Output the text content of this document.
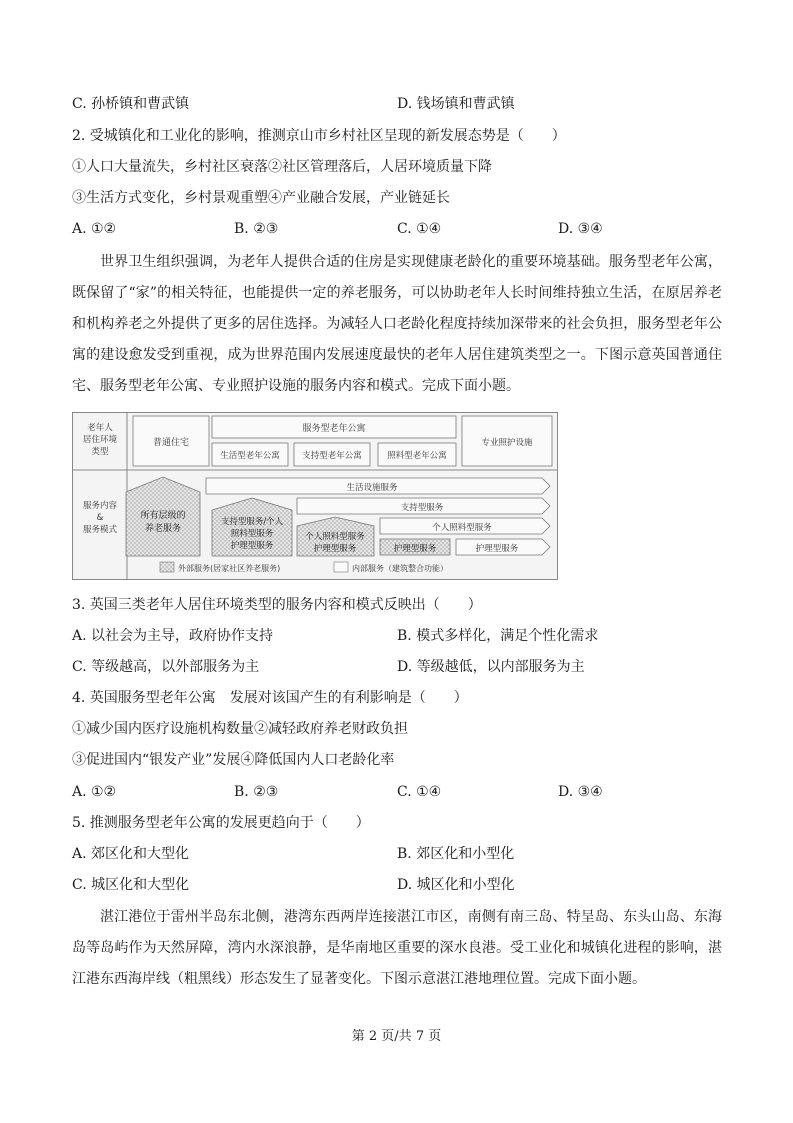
C. 孙桥镇和曹武镇	D. 钱场镇和曹武镇
2. 受城镇化和工业化的影响，推测京山市乡村社区呈现的新发展态势是（　　）
①人口大量流失，乡村社区衰落②社区管理落后，人居环境质量下降
③生活方式变化，乡村景观重塑④产业融合发展，产业链延长
A. ①②	B. ②③	C. ①④	D. ③④
世界卫生组织强调，为老年人提供合适的住房是实现健康老龄化的重要环境基础。服务型老年公寓，既保留了“家”的相关特征，也能提供一定的养老服务，可以协助老年人长时间维持独立生活，在原居养老和机构养老之外提供了更多的居住选择。为减轻人口老龄化程度持续加深带来的社会负担，服务型老年公寓的建设愈发受到重视，成为世界范围内发展速度最快的老年人居住建筑类型之一。下图示意英国普通住宅、服务型老年公寓、专业照护设施的服务内容和模式。完成下面小题。
老年人
居住环境
类型
普通住宅
服务型老年公寓
生活型老年公寓	支持型老年公寓	照料型老年公寓
专业照护设施
服务内容
&
服务模式
所有层级的
养老服务
支持型服务/个人
照料型服务
护理型服务
个人照料型服务
护理型服务
生活设施服务
支持型服务
个人照料型服务
护理型服务	护理型服务
外部服务(居家社区养老服务)	内部服务（建筑整合功能）
3. 英国三类老年人居住环境类型的服务内容和模式反映出（　　）
A. 以社会为主导，政府协作支持	B. 模式多样化，满足个性化需求
C. 等级越高，以外部服务为主	D. 等级越低，以内部服务为主
4. 英国服务型老年公寓　发展对该国产生的有利影响是（　　）
①减少国内医疗设施机构数量②减轻政府养老财政负担
③促进国内“银发产业”发展④降低国内人口老龄化率
A. ①②	B. ②③	C. ①④	D. ③④
5. 推测服务型老年公寓的发展更趋向于（　　）
A. 郊区化和大型化	B. 郊区化和小型化
C. 城区化和大型化	D. 城区化和小型化
湛江港位于雷州半岛东北侧，港湾东西两岸连接湛江市区，南侧有南三岛、特呈岛、东头山岛、东海岛等岛屿作为天然屏障，湾内水深浪静，是华南地区重要的深水良港。受工业化和城镇化进程的影响，湛江港东西海岸线（粗黑线）形态发生了显著变化。下图示意湛江港地理位置。完成下面小题。
第 2 页/共 7 页
